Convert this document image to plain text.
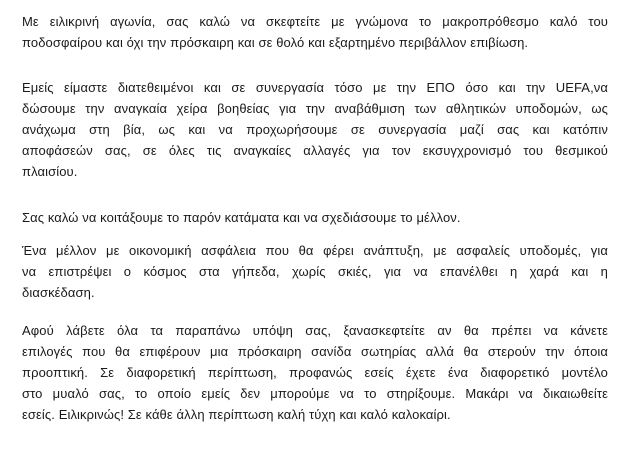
Με ειλικρινή αγωνία, σας καλώ να σκεφτείτε με γνώμονα το μακροπρόθεσμο καλό του
ποδοσφαίρου και όχι την πρόσκαιρη και σε θολό και εξαρτημένο περιβάλλον επιβίωση.

Εμείς είμαστε διατεθειμένοι και σε συνεργασία τόσο με την ΕΠΟ όσο και την UEFA,να
δώσουμε την αναγκαία χείρα βοηθείας για την αναβάθμιση των αθλητικών υποδομών, ως
ανάχωμα στη βία, ως και να προχωρήσουμε σε συνεργασία μαζί σας και κατόπιν
αποφάσεών σας, σε όλες τις αναγκαίες αλλαγές για τον εκσυγχρονισμό του θεσμικού
πλαισίου.

Σας καλώ να κοιτάξουμε το παρόν κατάματα και να σχεδιάσουμε το μέλλον.

Ένα μέλλον με οικονομική ασφάλεια που θα φέρει ανάπτυξη, με ασφαλείς υποδομές, για
να επιστρέψει ο κόσμος στα γήπεδα, χωρίς σκιές, για να επανέλθει η χαρά και η
διασκέδαση.

Αφού λάβετε όλα τα παραπάνω υπόψη σας, ξανασκεφτείτε αν θα πρέπει να κάνετε
επιλογές που θα επιφέρουν μια πρόσκαιρη σανίδα σωτηρίας αλλά θα στερούν την όποια
προοπτική. Σε διαφορετική περίπτωση, προφανώς εσείς έχετε ένα διαφορετικό μοντέλο
στο μυαλό σας, το οποίο εμείς δεν μπορούμε να το στηρίξουμε. Μακάρι να δικαιωθείτε
εσείς. Ειλικρινώς! Σε κάθε άλλη περίπτωση καλή τύχη και καλό καλοκαίρι.
